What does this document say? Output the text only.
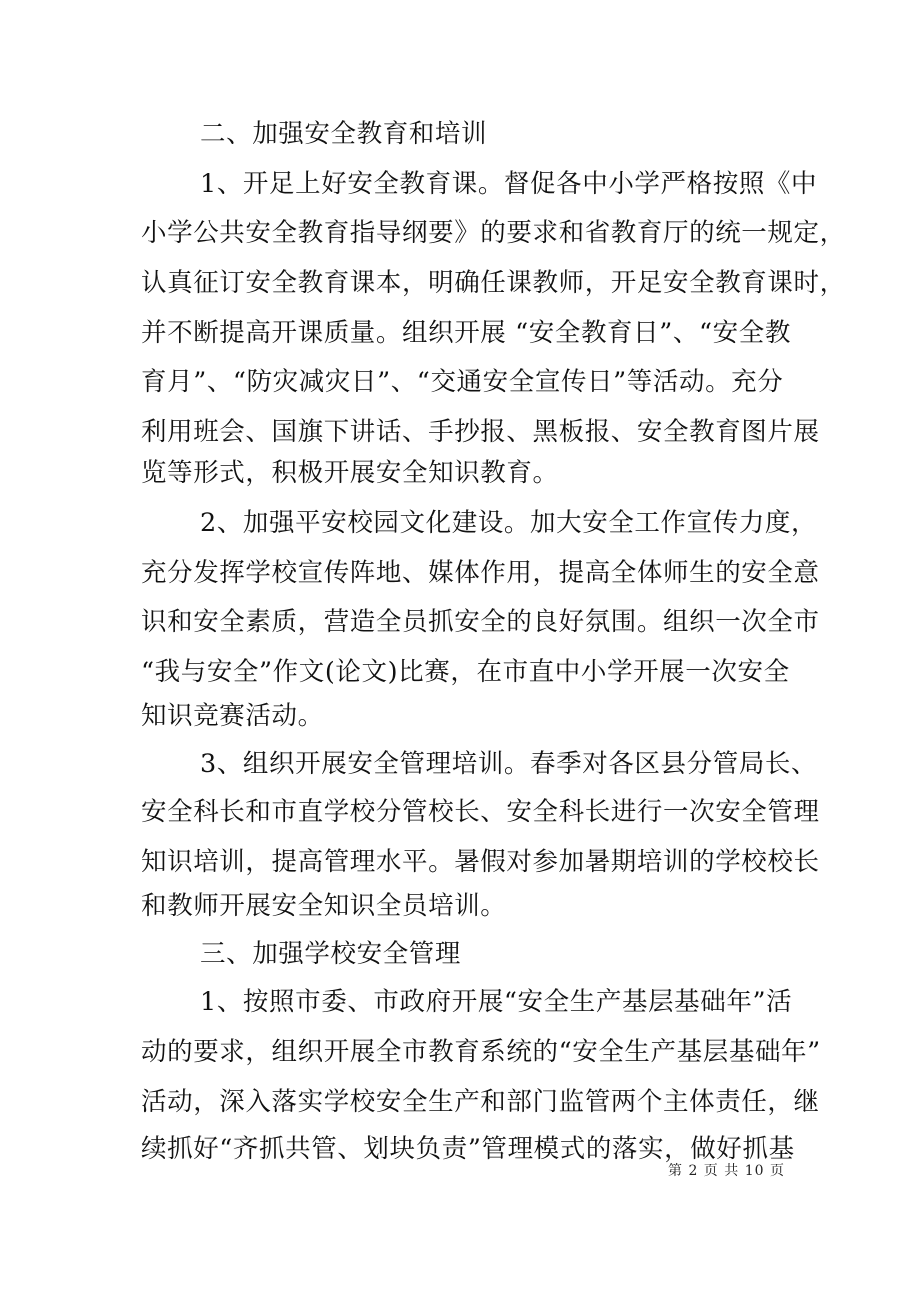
二、加强安全教育和培训
1、开足上好安全教育课。督促各中小学严格按照《中
小学公共安全教育指导纲要》的要求和省教育厅的统一规定，
认真征订安全教育课本，明确任课教师，开足安全教育课时，
并不断提高开课质量。组织开展 “安全教育日”、“安全教
育月”、“防灾减灾日”、“交通安全宣传日”等活动。充分
利用班会、国旗下讲话、手抄报、黑板报、安全教育图片展
览等形式，积极开展安全知识教育。
2、加强平安校园文化建设。加大安全工作宣传力度，
充分发挥学校宣传阵地、媒体作用，提高全体师生的安全意
识和安全素质，营造全员抓安全的良好氛围。组织一次全市
“我与安全”作文(论文)比赛，在市直中小学开展一次安全
知识竞赛活动。
3、组织开展安全管理培训。春季对各区县分管局长、
安全科长和市直学校分管校长、安全科长进行一次安全管理
知识培训，提高管理水平。暑假对参加暑期培训的学校校长
和教师开展安全知识全员培训。
三、加强学校安全管理
1、按照市委、市政府开展“安全生产基层基础年”活
动的要求，组织开展全市教育系统的“安全生产基层基础年”
活动，深入落实学校安全生产和部门监管两个主体责任，继
续抓好“齐抓共管、划块负责”管理模式的落实，做好抓基
第 2 页 共 10 页
